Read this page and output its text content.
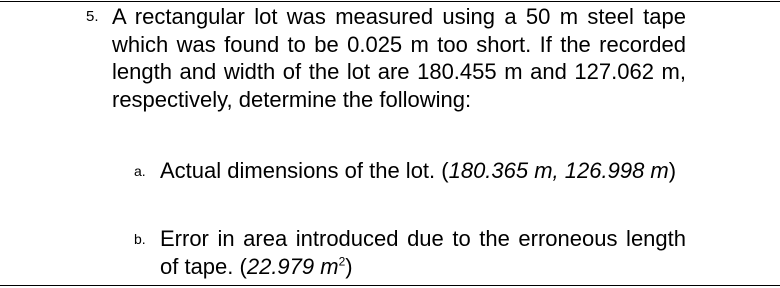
5. A rectangular lot was measured using a 50 m steel tape which was found to be 0.025 m too short. If the recorded length and width of the lot are 180.455 m and 127.062 m, respectively, determine the following:
a. Actual dimensions of the lot. (180.365 m, 126.998 m)
b. Error in area introduced due to the erroneous length of tape. (22.979 $m^2$)
